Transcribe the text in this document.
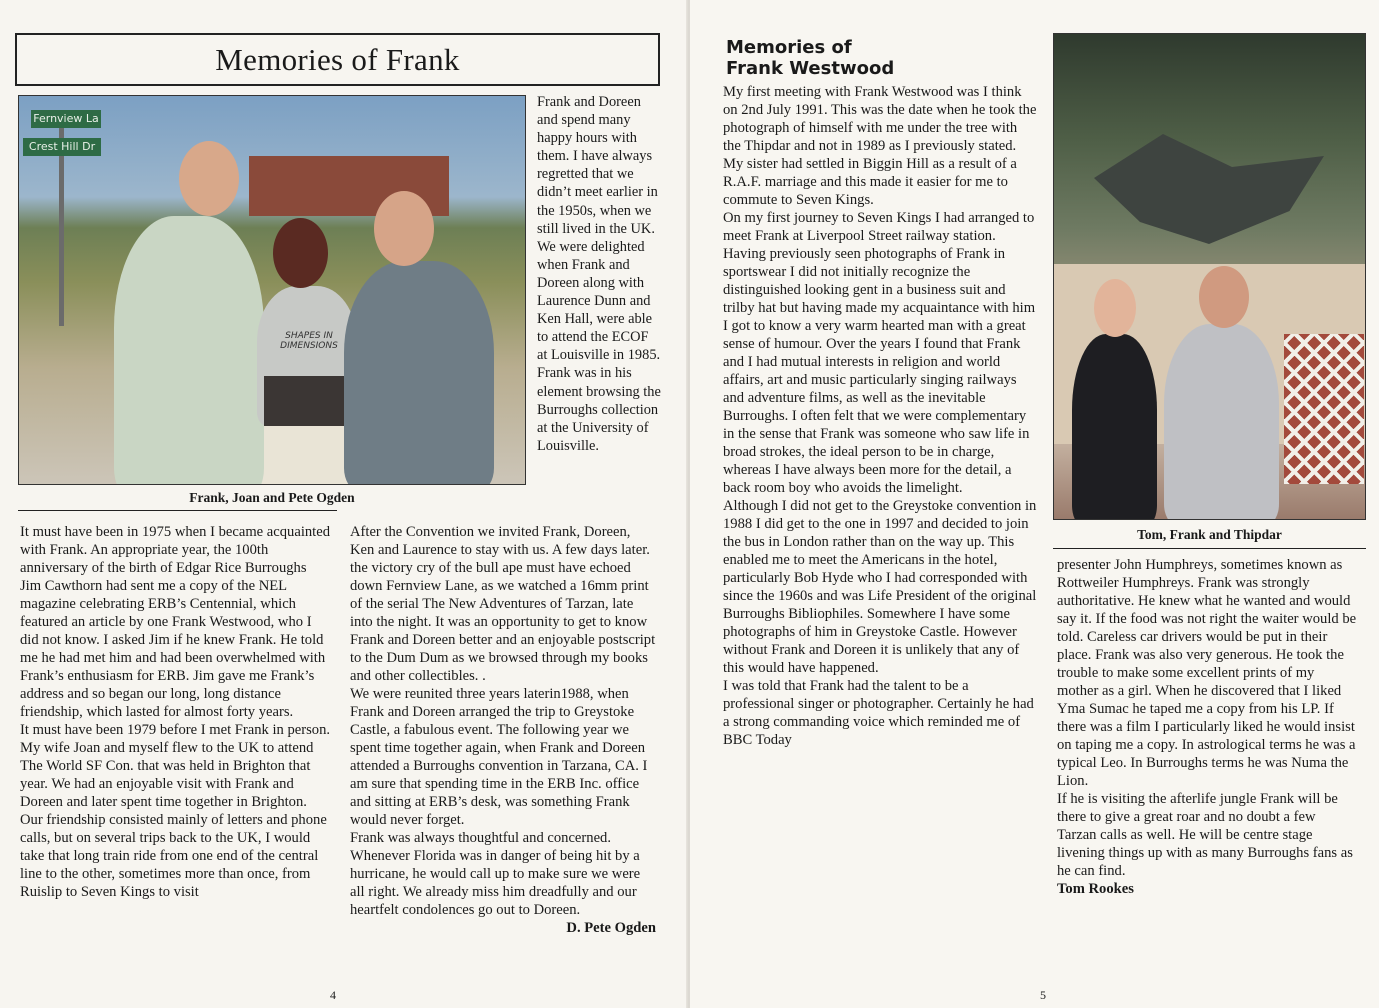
Memories of Frank
Fernview La
Crest Hill Dr
SHAPES IN DIMENSIONS

Frank and Doreen and spend many happy hours with them. I have always regretted that we didn’t meet earlier in the 1950s, when we still lived in the UK.

We were delighted when Frank and Doreen along with Laurence Dunn and Ken Hall, were able to attend the ECOF at Louisville in 1985. Frank was in his element browsing the Burroughs collection at the University of Louisville.

Frank, Joan and Pete Ogden

It must have been in 1975 when I became acquainted with Frank. An appropriate year, the 100th anniversary of the birth of Edgar Rice Burroughs

Jim Cawthorn had sent me a copy of the NEL magazine celebrating ERB’s Centennial, which featured an article by one Frank Westwood, who I did not know. I asked Jim if he knew Frank. He told me he had met him and had been overwhelmed with Frank’s enthusiasm for ERB. Jim gave me Frank’s address and so began our long, long distance friendship, which lasted for almost forty years.

It must have been 1979 before I met Frank in person. My wife Joan and myself flew to the UK to attend The World SF Con. that was held in Brighton that year. We had an enjoyable visit with Frank and Doreen and later spent time together in Brighton.

Our friendship consisted mainly of letters and phone calls, but on several trips back to the UK, I would take that long train ride from one end of the central line to the other, sometimes more than once, from Ruislip to Seven Kings to visit

After the Convention we invited Frank, Doreen, Ken and Laurence to stay with us. A few days later. the victory cry of the bull ape must have echoed down Fernview Lane, as we watched a 16mm print of the serial The New Adventures of Tarzan, late into the night. It was an opportunity to get to know Frank and Doreen better and an enjoyable postscript to the Dum Dum as we browsed through my books and other collectibles. .

We were reunited three years laterin1988, when Frank and Doreen arranged the trip to Greystoke Castle, a fabulous event. The following year we spent time together again, when Frank and Doreen attended a Burroughs convention in Tarzana, CA. I am sure that spending time in the ERB Inc. office and sitting at ERB’s desk, was something Frank would never forget.

Frank was always thoughtful and concerned. Whenever Florida was in danger of being hit by a hurricane, he would call up to make sure we were all right. We already miss him dreadfully and our heartfelt condolences go out to Doreen.

D. Pete Ogden

4
Memories of
Frank Westwood

My first meeting with Frank Westwood was I think on 2nd July 1991. This was the date when he took the photograph of himself with me under the tree with the Thipdar and not in 1989 as I previously stated. My sister had settled in Biggin Hill as a result of a R.A.F. marriage and this made it easier for me to commute to Seven Kings.

On my first journey to Seven Kings I had arranged to meet Frank at Liverpool Street railway station. Having previously seen photographs of Frank in sportswear I did not initially recognize the distinguished looking gent in a business suit and trilby hat but having made my acquaintance with him I got to know a very warm hearted man with a great sense of humour. Over the years I found that Frank and I had mutual interests in religion and world affairs, art and music particularly singing railways and adventure films, as well as the inevitable Burroughs. I often felt that we were complementary in the sense that Frank was someone who saw life in broad strokes, the ideal person to be in charge, whereas I have always been more for the detail, a back room boy who avoids the limelight.

Although I did not get to the Greystoke convention in 1988 I did get to the one in 1997 and decided to join the bus in London rather than on the way up. This enabled me to meet the Americans in the hotel, particularly Bob Hyde who I had corresponded with since the 1960s and was Life President of the original Burroughs Bibliophiles. Somewhere I have some photographs of him in Greystoke Castle. However without Frank and Doreen it is unlikely that any of this would have happened.

I was told that Frank had the talent to be a professional singer or photographer. Certainly he had a strong commanding voice which reminded me of BBC Today

Tom, Frank and Thipdar

presenter John Humphreys, sometimes known as Rottweiler Humphreys. Frank was strongly authoritative. He knew what he wanted and would say it. If the food was not right the waiter would be told. Careless car drivers would be put in their place. Frank was also very generous. He took the trouble to make some excellent prints of my mother as a girl. When he discovered that I liked Yma Sumac he taped me a copy from his LP. If there was a film I particularly liked he would insist on taping me a copy. In astrological terms he was a typical Leo. In Burroughs terms he was Numa the Lion.

If he is visiting the afterlife jungle Frank will be there to give a great roar and no doubt a few Tarzan calls as well. He will be centre stage livening things up with as many Burroughs fans as he can find.

Tom Rookes

5
